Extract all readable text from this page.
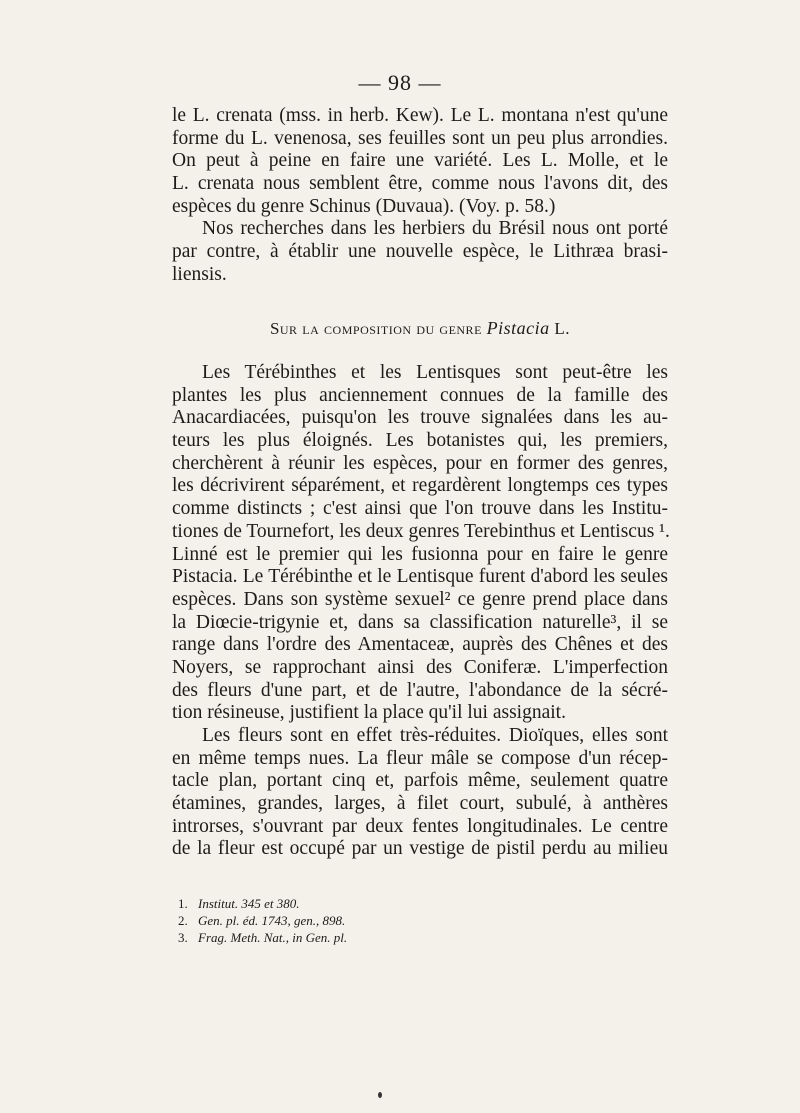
— 98 —
le L. crenata (mss. in herb. Kew). Le L. montana n'est qu'une
forme du L. venenosa, ses feuilles sont un peu plus arrondies.
On peut à peine en faire une variété. Les L. Molle, et le
L. crenata nous semblent être, comme nous l'avons dit, des
espèces du genre Schinus (Duvaua). (Voy. p. 58.)
Nos recherches dans les herbiers du Brésil nous ont porté
par contre, à établir une nouvelle espèce, le Lithræa brasi-
liensis.
Sur la composition du genre Pistacia L.
Les Térébinthes et les Lentisques sont peut-être les
plantes les plus anciennement connues de la famille des
Anacardiacées, puisqu'on les trouve signalées dans les au-
teurs les plus éloignés. Les botanistes qui, les premiers,
cherchèrent à réunir les espèces, pour en former des genres,
les décrivirent séparément, et regardèrent longtemps ces types
comme distincts ; c'est ainsi que l'on trouve dans les Institu-
tiones de Tournefort, les deux genres Terebinthus et Lentiscus ¹.
Linné est le premier qui les fusionna pour en faire le genre
Pistacia. Le Térébinthe et le Lentisque furent d'abord les seules
espèces. Dans son système sexuel² ce genre prend place dans
la Diœcie-trigynie et, dans sa classification naturelle³, il se
range dans l'ordre des Amentaceæ, auprès des Chênes et des
Noyers, se rapprochant ainsi des Coniferæ. L'imperfection
des fleurs d'une part, et de l'autre, l'abondance de la sécré-
tion résineuse, justifient la place qu'il lui assignait.
Les fleurs sont en effet très-réduites. Dioïques, elles sont
en même temps nues. La fleur mâle se compose d'un récep-
tacle plan, portant cinq et, parfois même, seulement quatre
étamines, grandes, larges, à filet court, subulé, à anthères
introrses, s'ouvrant par deux fentes longitudinales. Le centre
de la fleur est occupé par un vestige de pistil perdu au milieu
1. Institut. 345 et 380.
2. Gen. pl. éd. 1743, gen., 898.
3. Frag. Meth. Nat., in Gen. pl.
